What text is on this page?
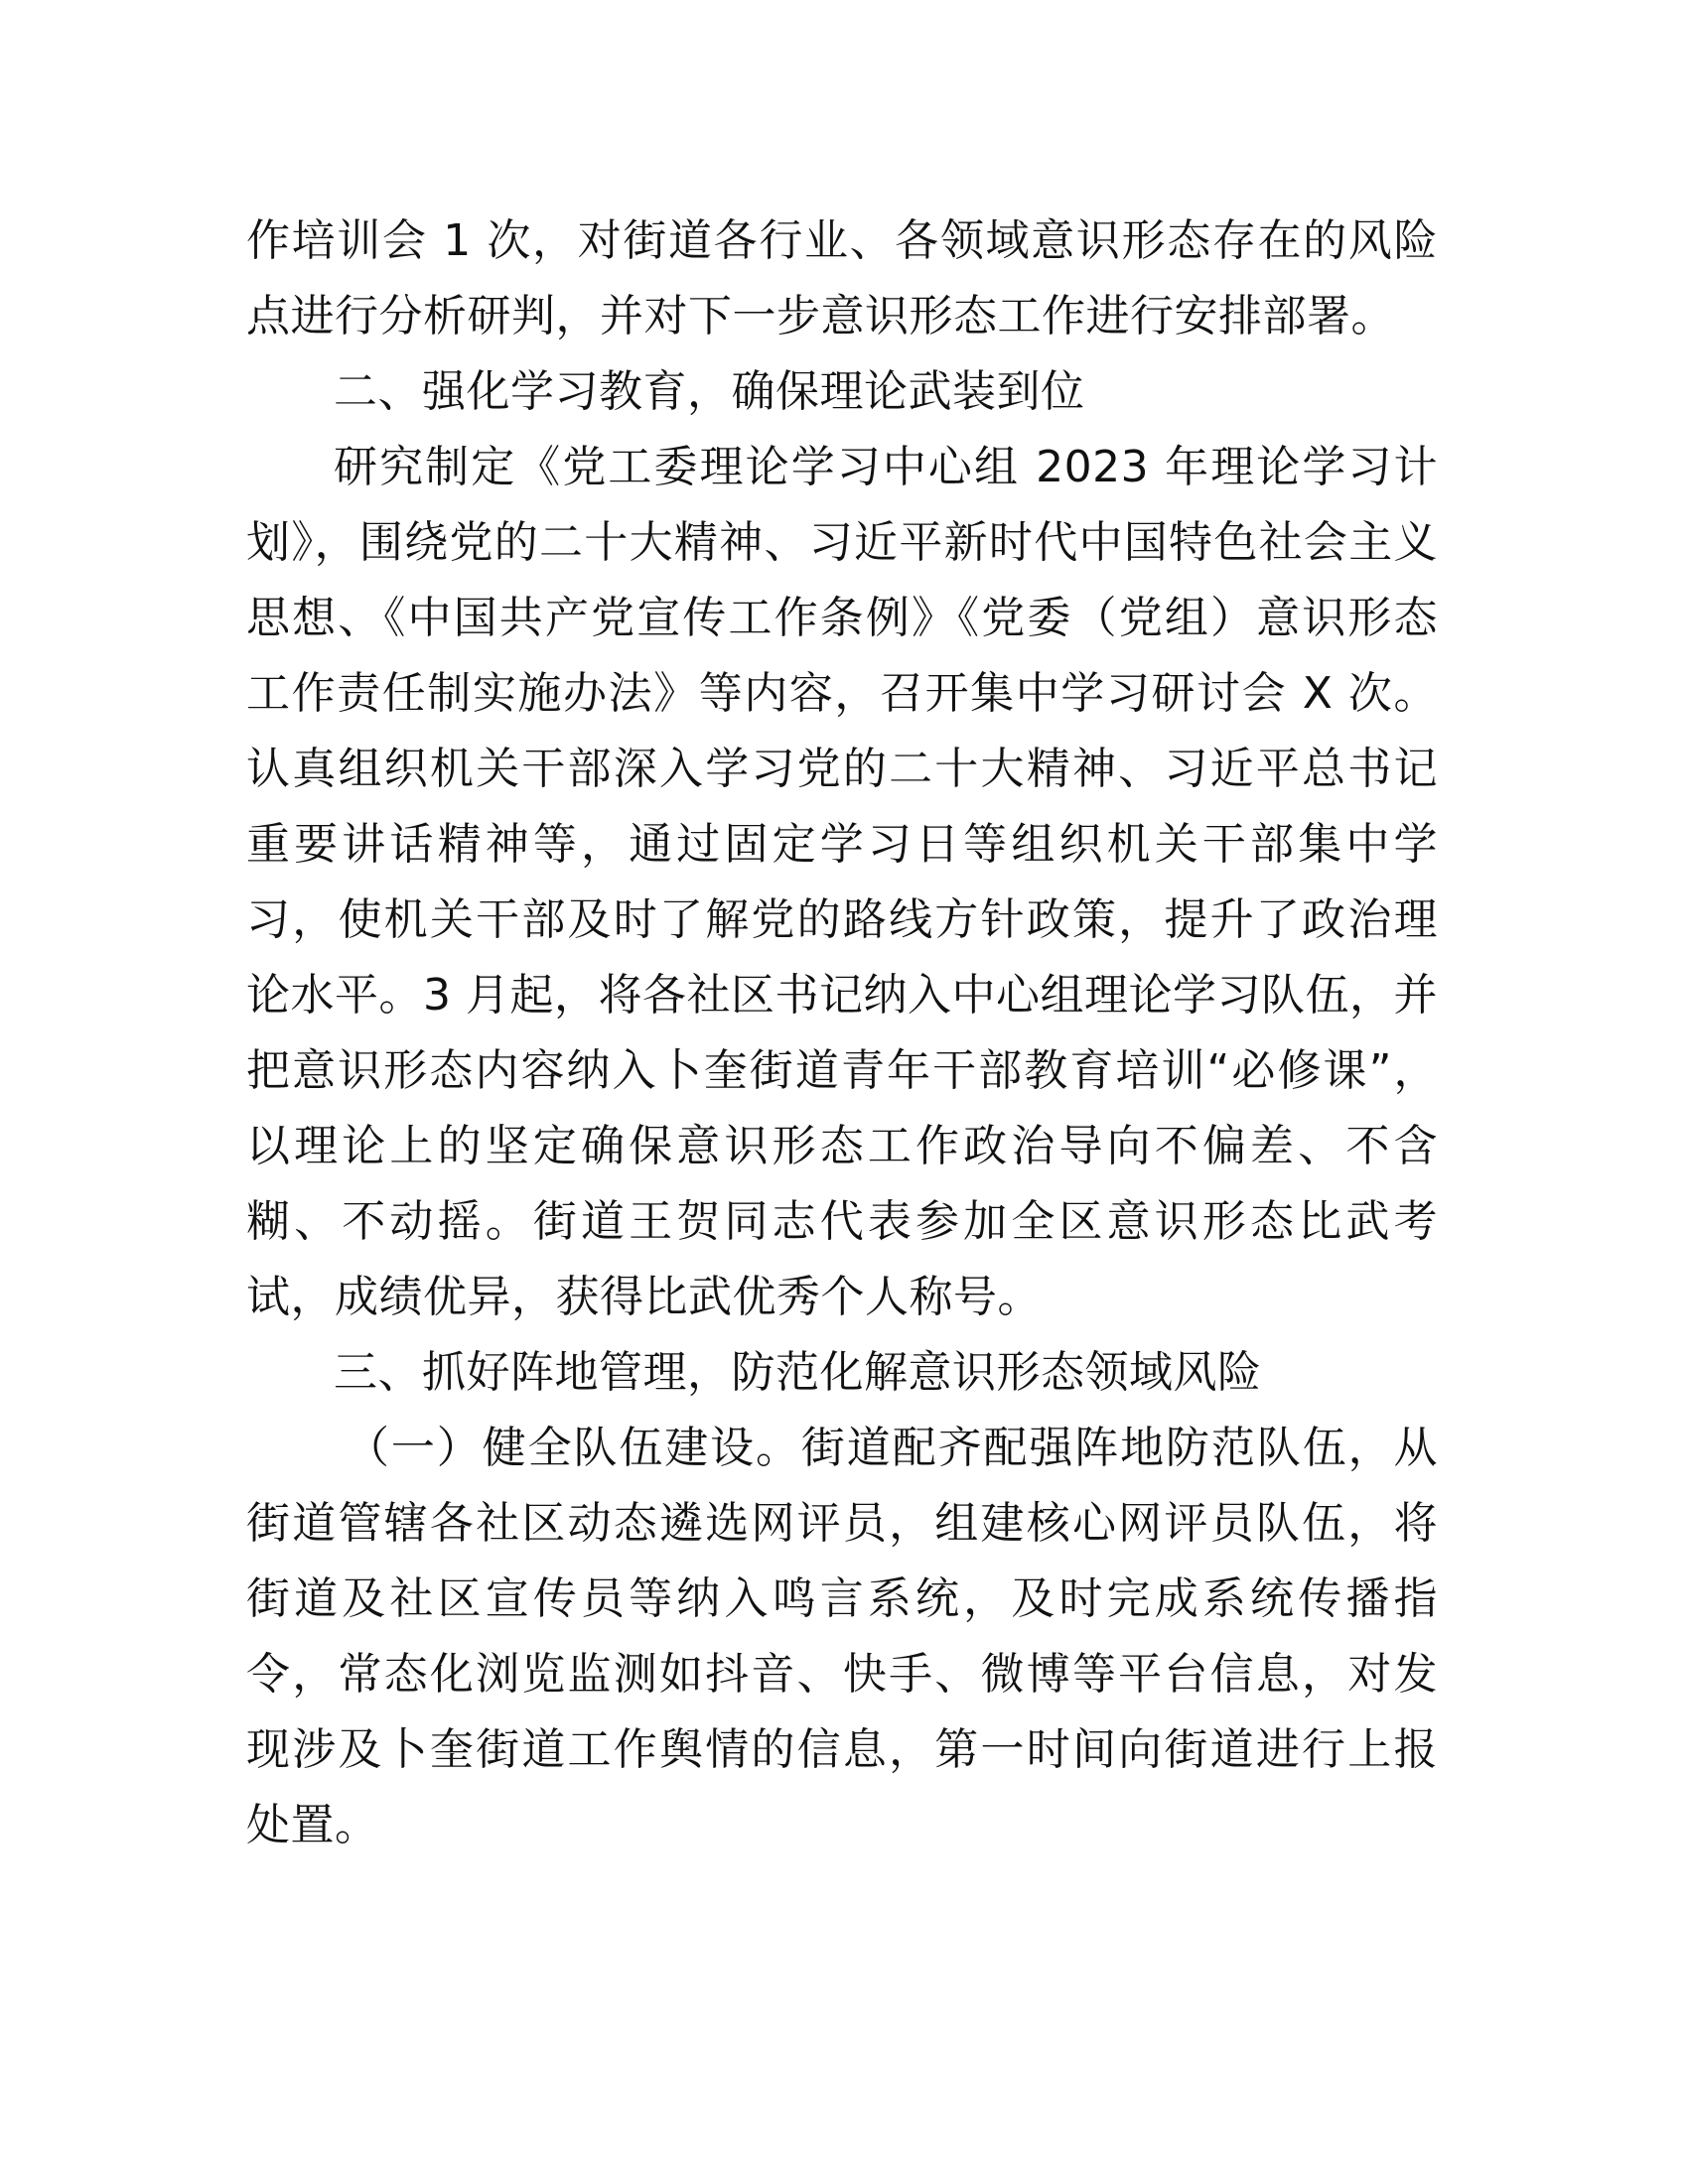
作培训会 1 次，对街道各行业、各领域意识形态存在的风险点进行分析研判，并对下一步意识形态工作进行安排部署。

二、强化学习教育，确保理论武装到位

研究制定《党工委理论学习中心组 2023 年理论学习计划》，围绕党的二十大精神、习近平新时代中国特色社会主义思想、《中国共产党宣传工作条例》《党委（党组）意识形态工作责任制实施办法》等内容，召开集中学习研讨会 X 次。认真组织机关干部深入学习党的二十大精神、习近平总书记重要讲话精神等，通过固定学习日等组织机关干部集中学习，使机关干部及时了解党的路线方针政策，提升了政治理论水平。3 月起，将各社区书记纳入中心组理论学习队伍，并把意识形态内容纳入卜奎街道青年干部教育培训“必修课”，以理论上的坚定确保意识形态工作政治导向不偏差、不含糊、不动摇。街道王贺同志代表参加全区意识形态比武考试，成绩优异，获得比武优秀个人称号。

三、抓好阵地管理，防范化解意识形态领域风险

（一）健全队伍建设。街道配齐配强阵地防范队伍，从街道管辖各社区动态遴选网评员，组建核心网评员队伍，将街道及社区宣传员等纳入鸣言系统，及时完成系统传播指令，常态化浏览监测如抖音、快手、微博等平台信息，对发现涉及卜奎街道工作舆情的信息，第一时间向街道进行上报处置。
